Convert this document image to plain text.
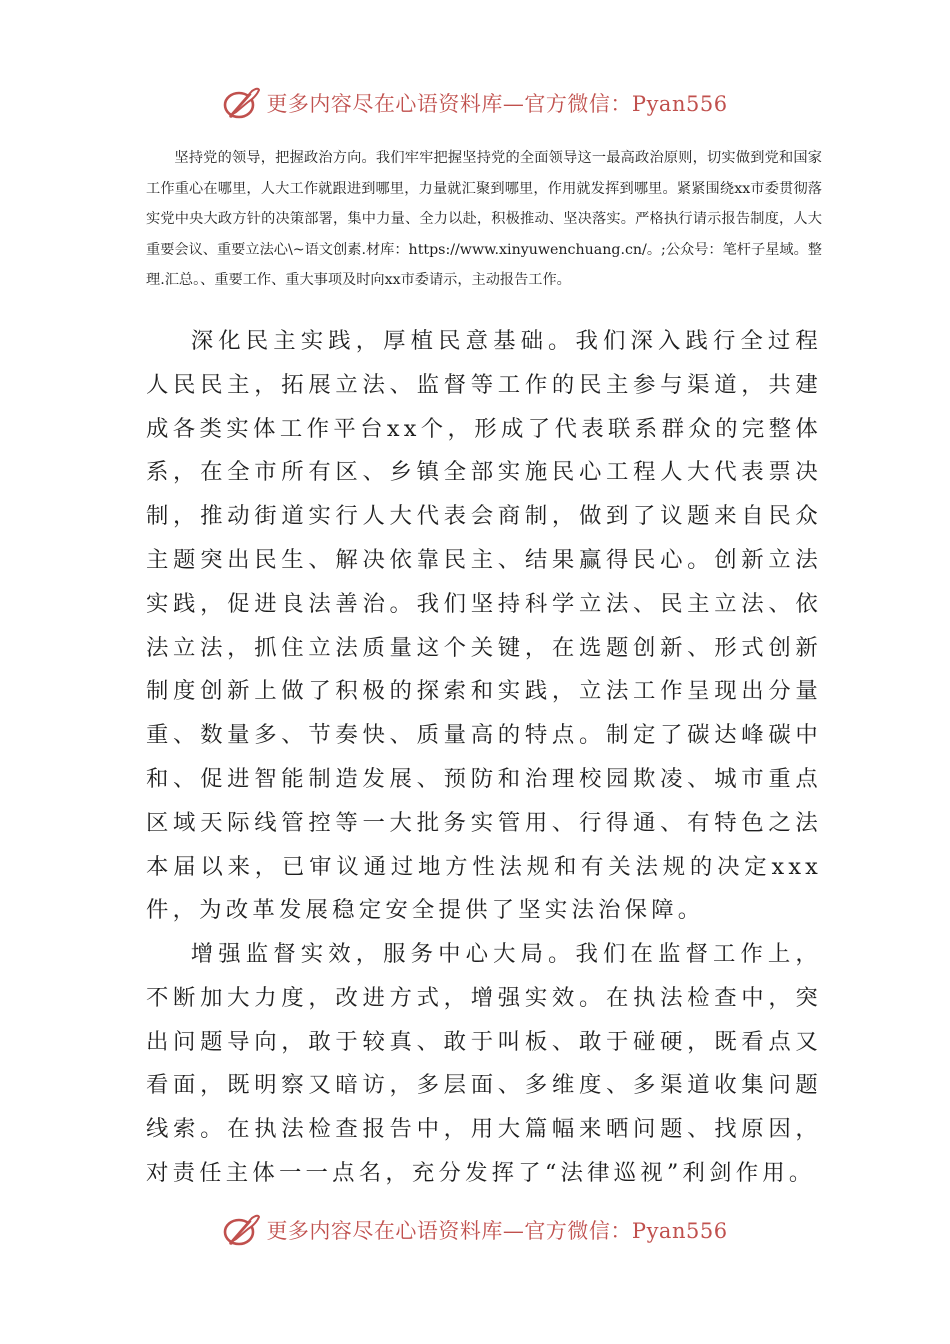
更多内容尽在心语资料库—官方微信：Pyan556

坚持党的领导，把握政治方向。我们牢牢把握坚持党的全面领导这一最高政治原则，切实做到党和国家工作重心在哪里，人大工作就跟进到哪里，力量就汇聚到哪里，作用就发挥到哪里。紧紧围绕xx市委贯彻落实党中央大政方针的决策部署，集中力量、全力以赴，积极推动、坚决落实。严格执行请示报告制度，人大重要会议、重要立法心\~语文创素.材库：https://www.xinyuwenchuang.cn/。;公众号：笔杆子星域。整理.汇总。、重要工作、重大事项及时向xx市委请示，主动报告工作。

深化民主实践，厚植民意基础。我们深入践行全过程人民民主，拓展立法、监督等工作的民主参与渠道，共建成各类实体工作平台xx个，形成了代表联系群众的完整体系，在全市所有区、乡镇全部实施民心工程人大代表票决制，推动街道实行人大代表会商制，做到了议题来自民众主题突出民生、解决依靠民主、结果赢得民心。创新立法实践，促进良法善治。我们坚持科学立法、民主立法、依法立法，抓住立法质量这个关键，在选题创新、形式创新制度创新上做了积极的探索和实践，立法工作呈现出分量重、数量多、节奏快、质量高的特点。制定了碳达峰碳中和、促进智能制造发展、预防和治理校园欺凌、城市重点区域天际线管控等一大批务实管用、行得通、有特色之法本届以来，已审议通过地方性法规和有关法规的决定xxx件，为改革发展稳定安全提供了坚实法治保障。

增强监督实效，服务中心大局。我们在监督工作上，不断加大力度，改进方式，增强实效。在执法检查中，突出问题导向，敢于较真、敢于叫板、敢于碰硬，既看点又看面，既明察又暗访，多层面、多维度、多渠道收集问题线索。在执法检查报告中，用大篇幅来晒问题、找原因，对责任主体一一点名，充分发挥了“法律巡视”利剑作用。

更多内容尽在心语资料库—官方微信：Pyan556
